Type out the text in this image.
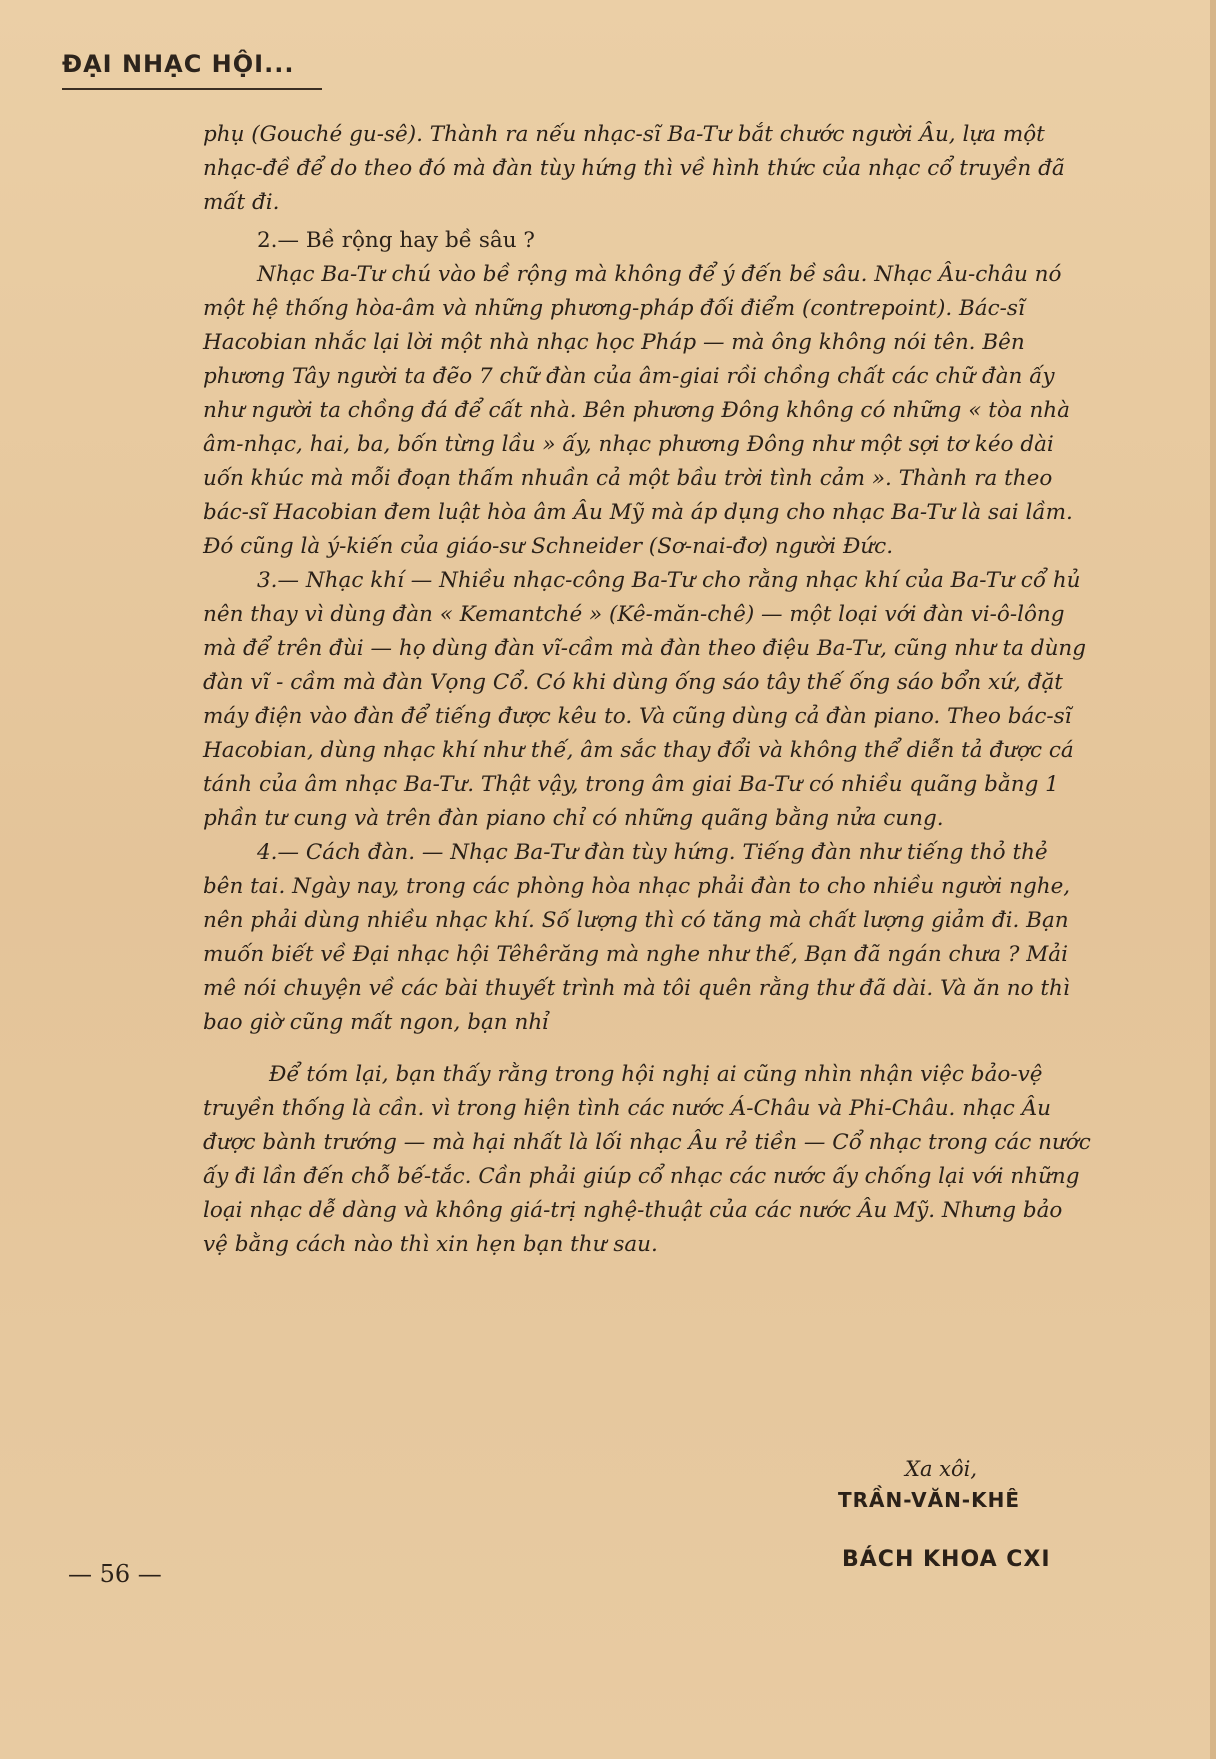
ĐẠI NHẠC HỘI...

phụ (Gouché gu-sê). Thành ra nếu nhạc-sĩ Ba-Tư bắt chước người Âu, lựa một nhạc-đề để do theo đó mà đàn tùy hứng thì về hình thức của nhạc cổ truyền đã mất đi.

2.— Bề rộng hay bề sâu ?

Nhạc Ba-Tư chú vào bề rộng mà không để ý đến bề sâu. Nhạc Âu-châu nó một hệ thống hòa-âm và những phương-pháp đối điểm (contrepoint). Bác-sĩ Hacobian nhắc lại lời một nhà nhạc học Pháp — mà ông không nói tên. Bên phương Tây người ta đẽo 7 chữ đàn của âm-giai rồi chồng chất các chữ đàn ấy như người ta chồng đá để cất nhà. Bên phương Đông không có những « tòa nhà âm-nhạc, hai, ba, bốn từng lầu » ấy, nhạc phương Đông như một sợi tơ kéo dài uốn khúc mà mỗi đoạn thấm nhuần cả một bầu trời tình cảm ». Thành ra theo bác-sĩ Hacobian đem luật hòa âm Âu Mỹ mà áp dụng cho nhạc Ba-Tư là sai lầm. Đó cũng là ý-kiến của giáo-sư Schneider (Sơ-nai-đơ) người Đức.

3.— Nhạc khí — Nhiều nhạc-công Ba-Tư cho rằng nhạc khí của Ba-Tư cổ hủ nên thay vì dùng đàn « Kemantché » (Kê-măn-chê) — một loại với đàn vi-ô-lông mà để trên đùi — họ dùng đàn vĩ-cầm mà đàn theo điệu Ba-Tư, cũng như ta dùng đàn vĩ - cầm mà đàn Vọng Cổ. Có khi dùng ống sáo tây thế ống sáo bổn xứ, đặt máy điện vào đàn để tiếng được kêu to. Và cũng dùng cả đàn piano. Theo bác-sĩ Hacobian, dùng nhạc khí như thế, âm sắc thay đổi và không thể diễn tả được cá tánh của âm nhạc Ba-Tư. Thật vậy, trong âm giai Ba-Tư có nhiều quãng bằng 1 phần tư cung và trên đàn piano chỉ có những quãng bằng nửa cung.

4.— Cách đàn. — Nhạc Ba-Tư đàn tùy hứng. Tiếng đàn như tiếng thỏ thẻ bên tai. Ngày nay, trong các phòng hòa nhạc phải đàn to cho nhiều người nghe, nên phải dùng nhiều nhạc khí. Số lượng thì có tăng mà chất lượng giảm đi. Bạn muốn biết về Đại nhạc hội Têhêrăng mà nghe như thế, Bạn đã ngán chưa ? Mải mê nói chuyện về các bài thuyết trình mà tôi quên rằng thư đã dài. Và ăn no thì bao giờ cũng mất ngon, bạn nhỉ

Để tóm lại, bạn thấy rằng trong hội nghị ai cũng nhìn nhận việc bảo-vệ truyền thống là cần. vì trong hiện tình các nước Á-Châu và Phi-Châu. nhạc Âu được bành trướng — mà hại nhất là lối nhạc Âu rẻ tiền — Cổ nhạc trong các nước ấy đi lần đến chỗ bế-tắc. Cần phải giúp cổ nhạc các nước ấy chống lại với những loại nhạc dễ dàng và không giá-trị nghệ-thuật của các nước Âu Mỹ. Nhưng bảo vệ bằng cách nào thì xin hẹn bạn thư sau.

Xa xôi,
TRẦN-VĂN-KHÊ
— 56 —
BÁCH KHOA CXI
